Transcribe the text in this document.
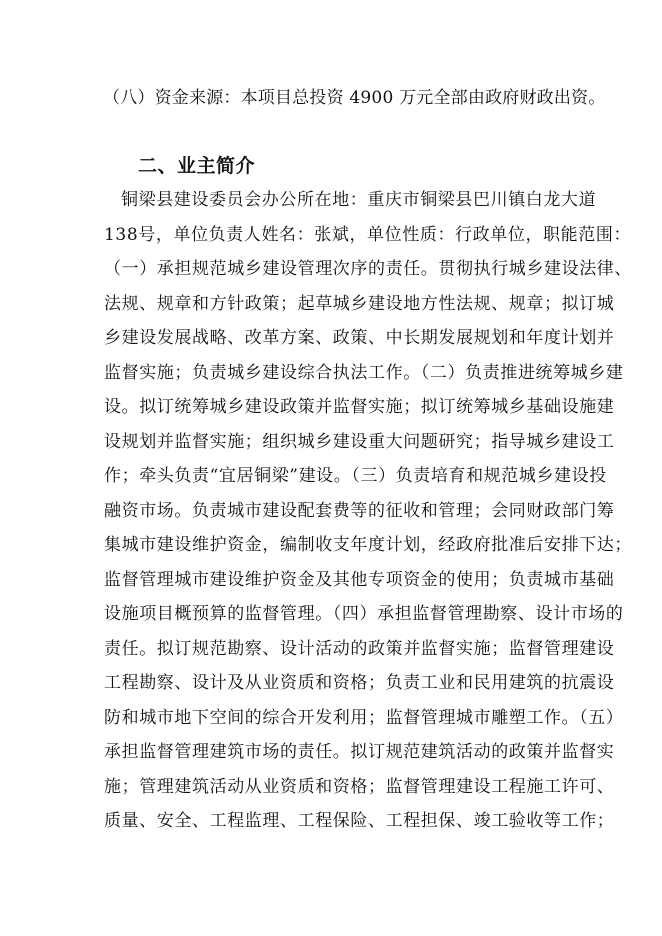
（八）资金来源：本项目总投资 4900 万元全部由政府财政出资。

二、业主简介
铜梁县建设委员会办公所在地：重庆市铜梁县巴川镇白龙大道
138号，单位负责人姓名：张斌，单位性质：行政单位，职能范围：
（一）承担规范城乡建设管理次序的责任。贯彻执行城乡建设法律、
法规、规章和方针政策；起草城乡建设地方性法规、规章；拟订城
乡建设发展战略、改革方案、政策、中长期发展规划和年度计划并
监督实施；负责城乡建设综合执法工作。（二）负责推进统筹城乡建
设。拟订统筹城乡建设政策并监督实施；拟订统筹城乡基础设施建
设规划并监督实施；组织城乡建设重大问题研究；指导城乡建设工
作；牵头负责“宜居铜梁”建设。（三）负责培育和规范城乡建设投
融资市场。负责城市建设配套费等的征收和管理；会同财政部门筹
集城市建设维护资金，编制收支年度计划，经政府批准后安排下达；
监督管理城市建设维护资金及其他专项资金的使用；负责城市基础
设施项目概预算的监督管理。（四）承担监督管理勘察、设计市场的
责任。拟订规范勘察、设计活动的政策并监督实施；监督管理建设
工程勘察、设计及从业资质和资格；负责工业和民用建筑的抗震设
防和城市地下空间的综合开发利用；监督管理城市雕塑工作。（五）
承担监督管理建筑市场的责任。拟订规范建筑活动的政策并监督实
施；管理建筑活动从业资质和资格；监督管理建设工程施工许可、
质量、安全、工程监理、工程保险、工程担保、竣工验收等工作；
